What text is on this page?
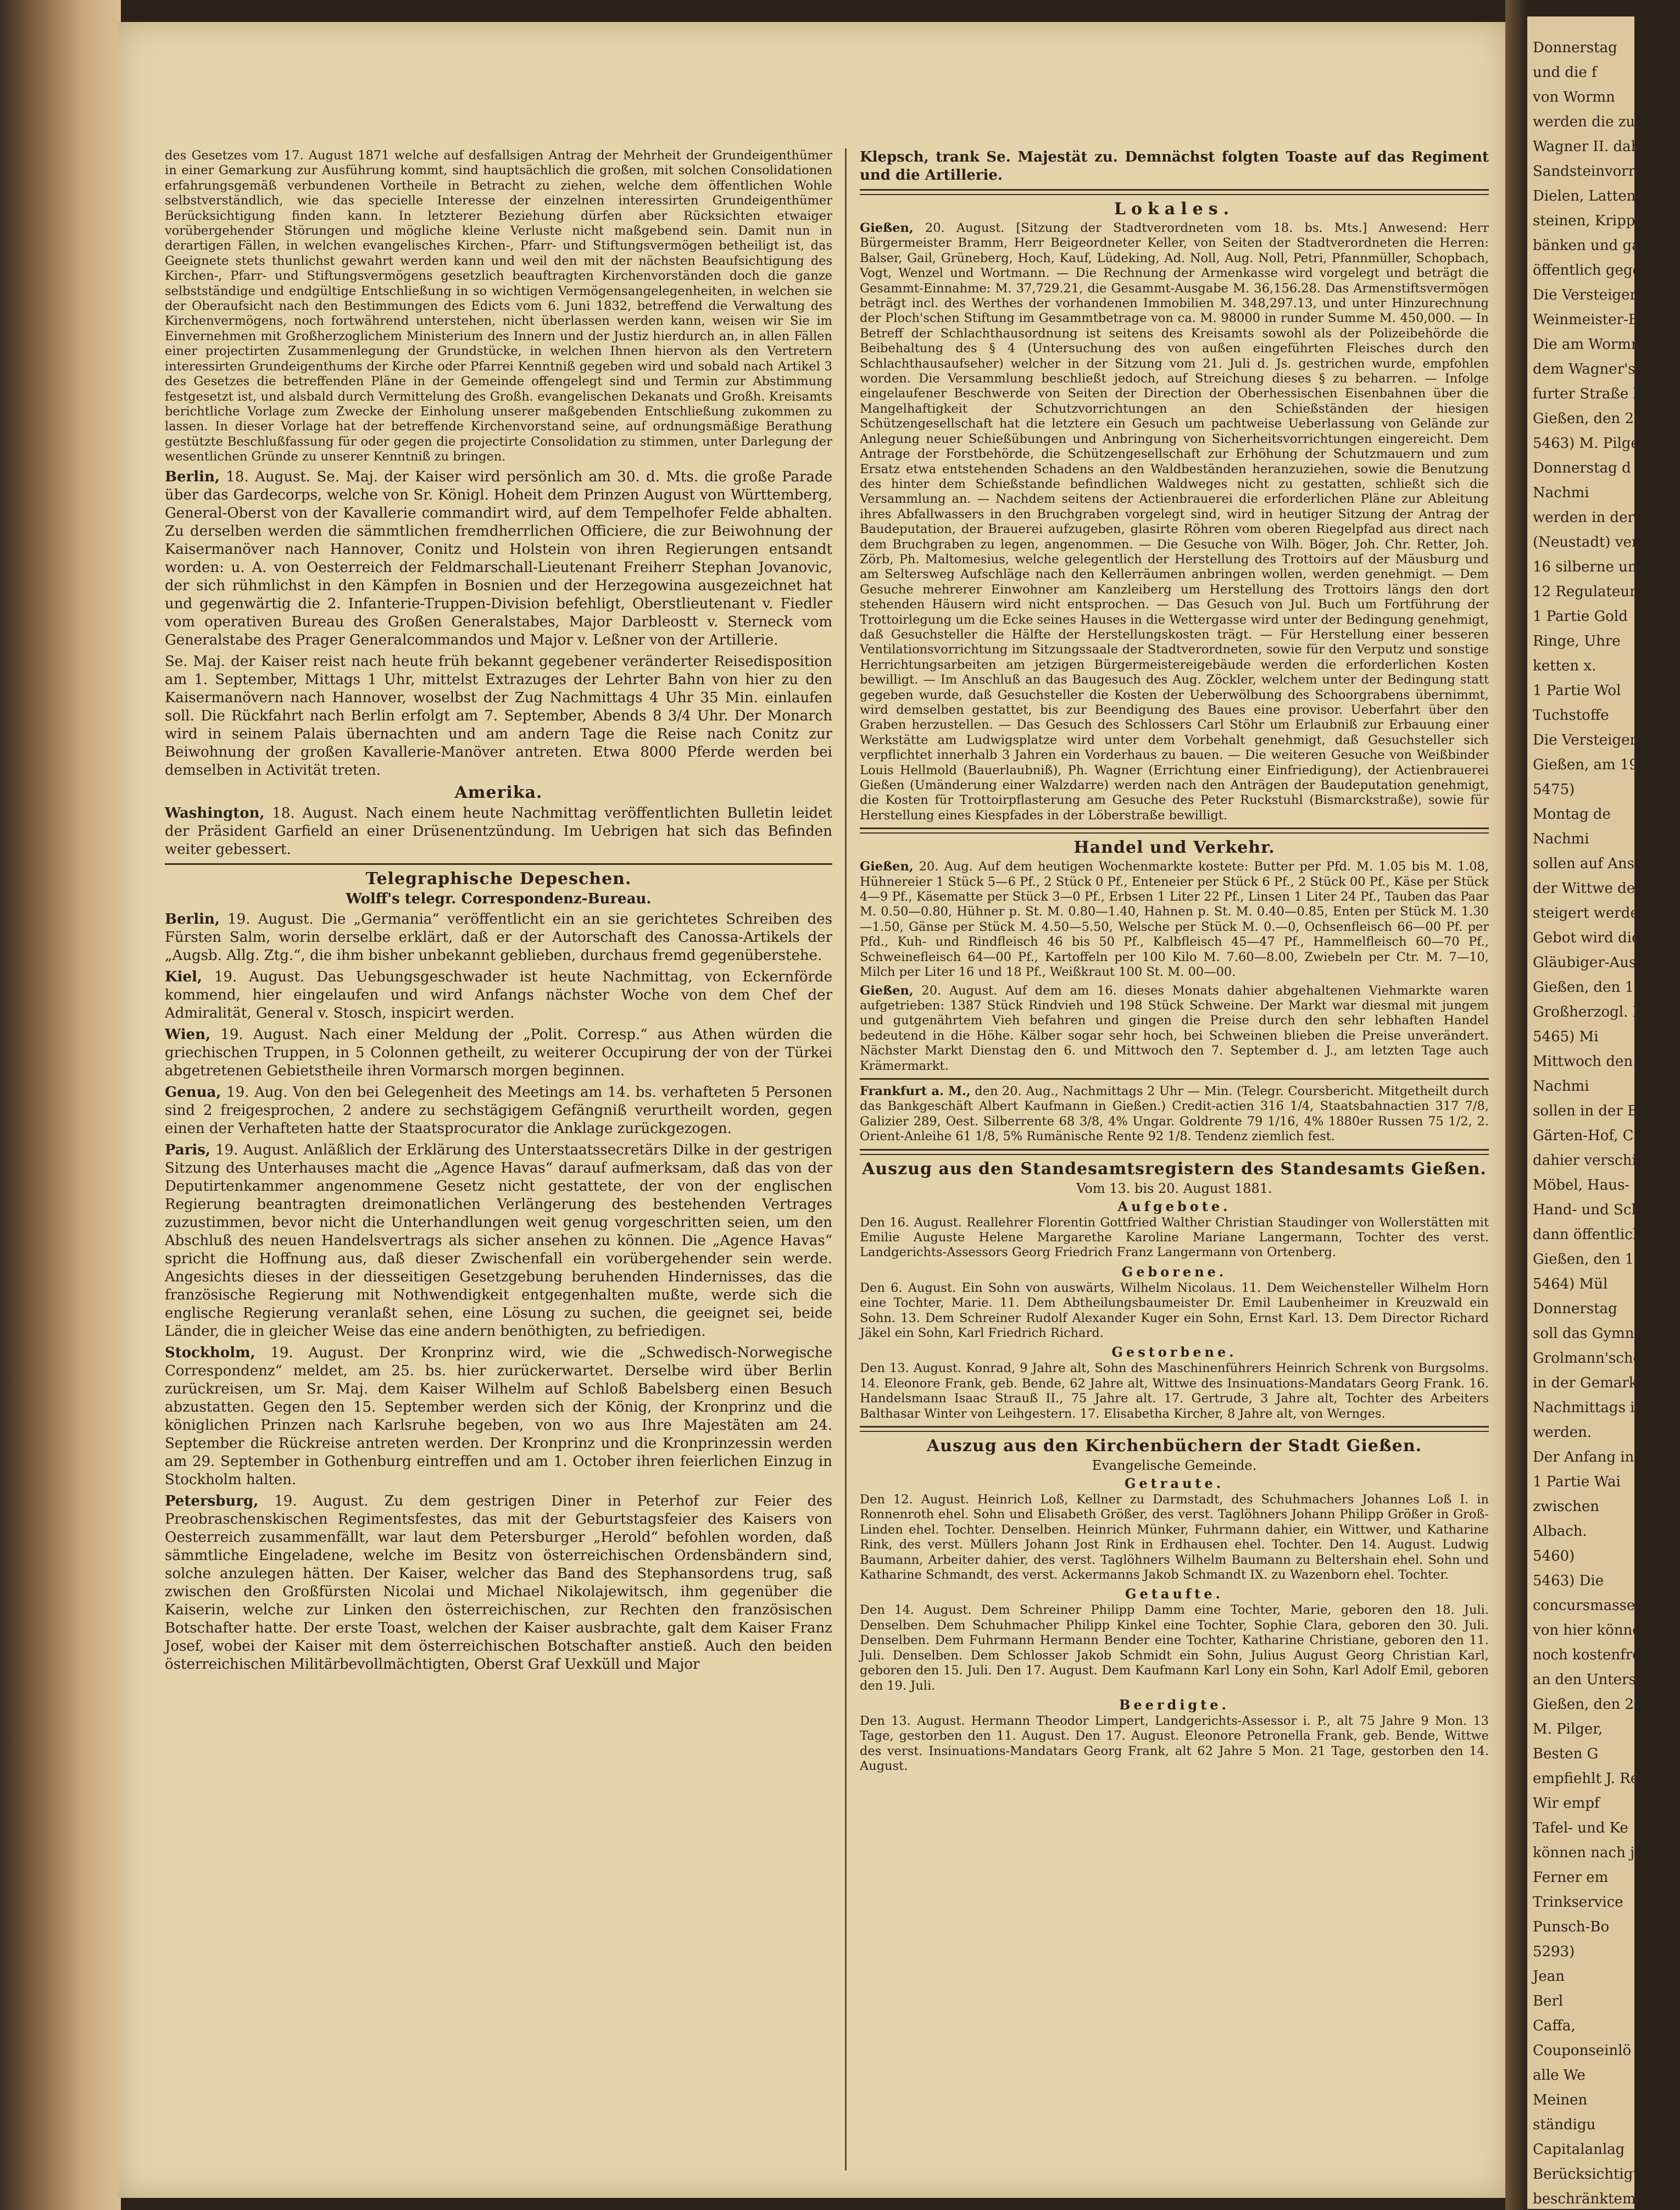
des Gesetzes vom 17. August 1871 welche auf desfallsigen Antrag der Mehrheit der Grundeigenthümer in einer Gemarkung zur Ausführung kommt, sind hauptsächlich die großen, mit solchen Consolidationen erfahrungsgemäß verbundenen Vortheile in Betracht zu ziehen, welche dem öffentlichen Wohle selbstverständlich, wie das specielle Interesse der einzelnen interessirten Grundeigenthümer Berücksichtigung finden kann. In letzterer Beziehung dürfen aber Rücksichten etwaiger vorübergehender Störungen und mögliche kleine Verluste nicht maßgebend sein. Damit nun in derartigen Fällen, in welchen evangelisches Kirchen-, Pfarr- und Stiftungsvermögen betheiligt ist, das Geeignete stets thunlichst gewahrt werden kann und weil den mit der nächsten Beaufsichtigung des Kirchen-, Pfarr- und Stiftungsvermögens gesetzlich beauftragten Kirchenvorständen doch die ganze selbstständige und endgültige Entschließung in so wichtigen Vermögensangelegenheiten, in welchen sie der Oberaufsicht nach den Bestimmungen des Edicts vom 6. Juni 1832, betreffend die Verwaltung des Kirchenvermögens, noch fortwährend unterstehen, nicht überlassen werden kann, weisen wir Sie im Einvernehmen mit Großherzoglichem Ministerium des Innern und der Justiz hierdurch an, in allen Fällen einer projectirten Zusammenlegung der Grundstücke, in welchen Ihnen hiervon als den Vertretern interessirten Grundeigenthums der Kirche oder Pfarrei Kenntniß gegeben wird und sobald nach Artikel 3 des Gesetzes die betreffenden Pläne in der Gemeinde offengelegt sind und Termin zur Abstimmung festgesetzt ist, und alsbald durch Vermittelung des Großh. evangelischen Dekanats und Großh. Kreisamts berichtliche Vorlage zum Zwecke der Einholung unserer maßgebenden Entschließung zukommen zu lassen. In dieser Vorlage hat der betreffende Kirchenvorstand seine, auf ordnungsmäßige Berathung gestützte Beschlußfassung für oder gegen die projectirte Consolidation zu stimmen, unter Darlegung der wesentlichen Gründe zu unserer Kenntniß zu bringen.

Berlin, 18. August. Se. Maj. der Kaiser wird persönlich am 30. d. Mts. die große Parade über das Gardecorps, welche von Sr. Königl. Hoheit dem Prinzen August von Württemberg, General-Oberst von der Kavallerie commandirt wird, auf dem Tempelhofer Felde abhalten. Zu derselben werden die sämmtlichen fremdherrlichen Officiere, die zur Beiwohnung der Kaisermanöver nach Hannover, Conitz und Holstein von ihren Regierungen entsandt worden: u. A. von Oesterreich der Feldmarschall-Lieutenant Freiherr Stephan Jovanovic, der sich rühmlichst in den Kämpfen in Bosnien und der Herzegowina ausgezeichnet hat und gegenwärtig die 2. Infanterie-Truppen-Division befehligt, Oberstlieutenant v. Fiedler vom operativen Bureau des Großen Generalstabes, Major Darbleostt v. Sterneck vom Generalstabe des Prager Generalcommandos und Major v. Leßner von der Artillerie.

Se. Maj. der Kaiser reist nach heute früh bekannt gegebener veränderter Reisedisposition am 1. September, Mittags 1 Uhr, mittelst Extrazuges der Lehrter Bahn von hier zu den Kaisermanövern nach Hannover, woselbst der Zug Nachmittags 4 Uhr 35 Min. einlaufen soll. Die Rückfahrt nach Berlin erfolgt am 7. September, Abends 8 3/4 Uhr. Der Monarch wird in seinem Palais übernachten und am andern Tage die Reise nach Conitz zur Beiwohnung der großen Kavallerie-Manöver antreten. Etwa 8000 Pferde werden bei demselben in Activität treten.

Amerika.

Washington, 18. August. Nach einem heute Nachmittag veröffentlichten Bulletin leidet der Präsident Garfield an einer Drüsenentzündung. Im Uebrigen hat sich das Befinden weiter gebessert.

Telegraphische Depeschen.
Wolff's telegr. Correspondenz-Bureau.

Berlin, 19. August. Die „Germania“ veröffentlicht ein an sie gerichtetes Schreiben des Fürsten Salm, worin derselbe erklärt, daß er der Autorschaft des Canossa-Artikels der „Augsb. Allg. Ztg.“, die ihm bisher unbekannt geblieben, durchaus fremd gegenüberstehe.

Kiel, 19. August. Das Uebungsgeschwader ist heute Nachmittag, von Eckernförde kommend, hier eingelaufen und wird Anfangs nächster Woche von dem Chef der Admiralität, General v. Stosch, inspicirt werden.

Wien, 19. August. Nach einer Meldung der „Polit. Corresp.“ aus Athen würden die griechischen Truppen, in 5 Colonnen getheilt, zu weiterer Occupirung der von der Türkei abgetretenen Gebietstheile ihren Vormarsch morgen beginnen.

Genua, 19. Aug. Von den bei Gelegenheit des Meetings am 14. bs. verhafteten 5 Personen sind 2 freigesprochen, 2 andere zu sechstägigem Gefängniß verurtheilt worden, gegen einen der Verhafteten hatte der Staatsprocurator die Anklage zurückgezogen.

Paris, 19. August. Anläßlich der Erklärung des Unterstaatssecretärs Dilke in der gestrigen Sitzung des Unterhauses macht die „Agence Havas“ darauf aufmerksam, daß das von der Deputirtenkammer angenommene Gesetz nicht gestattete, der von der englischen Regierung beantragten dreimonatlichen Verlängerung des bestehenden Vertrages zuzustimmen, bevor nicht die Unterhandlungen weit genug vorgeschritten seien, um den Abschluß des neuen Handelsvertrags als sicher ansehen zu können. Die „Agence Havas“ spricht die Hoffnung aus, daß dieser Zwischenfall ein vorübergehender sein werde. Angesichts dieses in der diesseitigen Gesetzgebung beruhenden Hindernisses, das die französische Regierung mit Nothwendigkeit entgegenhalten mußte, werde sich die englische Regierung veranlaßt sehen, eine Lösung zu suchen, die geeignet sei, beide Länder, die in gleicher Weise das eine andern benöthigten, zu befriedigen.

Stockholm, 19. August. Der Kronprinz wird, wie die „Schwedisch-Norwegische Correspondenz“ meldet, am 25. bs. hier zurückerwartet. Derselbe wird über Berlin zurückreisen, um Sr. Maj. dem Kaiser Wilhelm auf Schloß Babelsberg einen Besuch abzustatten. Gegen den 15. September werden sich der König, der Kronprinz und die königlichen Prinzen nach Karlsruhe begeben, von wo aus Ihre Majestäten am 24. September die Rückreise antreten werden. Der Kronprinz und die Kronprinzessin werden am 29. September in Gothenburg eintreffen und am 1. October ihren feierlichen Einzug in Stockholm halten.

Petersburg, 19. August. Zu dem gestrigen Diner in Peterhof zur Feier des Preobraschenskischen Regimentsfestes, das mit der Geburtstagsfeier des Kaisers von Oesterreich zusammenfällt, war laut dem Petersburger „Herold“ befohlen worden, daß sämmtliche Eingeladene, welche im Besitz von österreichischen Ordensbändern sind, solche anzulegen hätten. Der Kaiser, welcher das Band des Stephansordens trug, saß zwischen den Großfürsten Nicolai und Michael Nikolajewitsch, ihm gegenüber die Kaiserin, welche zur Linken den österreichischen, zur Rechten den französischen Botschafter hatte. Der erste Toast, welchen der Kaiser ausbrachte, galt dem Kaiser Franz Josef, wobei der Kaiser mit dem österreichischen Botschafter anstieß. Auch den beiden österreichischen Militärbevollmächtigten, Oberst Graf Uexküll und Major

Klepsch, trank Se. Majestät zu. Demnächst folgten Toaste auf das Regiment und die Artillerie.

Lokales.

Gießen, 20. August. [Sitzung der Stadtverordneten vom 18. bs. Mts.] Anwesend: Herr Bürgermeister Bramm, Herr Beigeordneter Keller, von Seiten der Stadtverordneten die Herren: Balser, Gail, Grüneberg, Hoch, Kauf, Lüdeking, Ad. Noll, Aug. Noll, Petri, Pfannmüller, Schopbach, Vogt, Wenzel und Wortmann. — Die Rechnung der Armenkasse wird vorgelegt und beträgt die Gesammt-Einnahme: M. 37,729.21, die Gesammt-Ausgabe M. 36,156.28. Das Armenstiftsvermögen beträgt incl. des Werthes der vorhandenen Immobilien M. 348,297.13, und unter Hinzurechnung der Ploch'schen Stiftung im Gesammtbetrage von ca. M. 98000 in runder Summe M. 450,000. — In Betreff der Schlachthausordnung ist seitens des Kreisamts sowohl als der Polizeibehörde die Beibehaltung des § 4 (Untersuchung des von außen eingeführten Fleisches durch den Schlachthausaufseher) welcher in der Sitzung vom 21. Juli d. Js. gestrichen wurde, empfohlen worden. Die Versammlung beschließt jedoch, auf Streichung dieses § zu beharren. — Infolge eingelaufener Beschwerde von Seiten der Direction der Oberhessischen Eisenbahnen über die Mangelhaftigkeit der Schutzvorrichtungen an den Schießständen der hiesigen Schützengesellschaft hat die letztere ein Gesuch um pachtweise Ueberlassung von Gelände zur Anlegung neuer Schießübungen und Anbringung von Sicherheitsvorrichtungen eingereicht. Dem Antrage der Forstbehörde, die Schützengesellschaft zur Erhöhung der Schutzmauern und zum Ersatz etwa entstehenden Schadens an den Waldbeständen heranzuziehen, sowie die Benutzung des hinter dem Schießstande befindlichen Waldweges nicht zu gestatten, schließt sich die Versammlung an. — Nachdem seitens der Actienbrauerei die erforderlichen Pläne zur Ableitung ihres Abfallwassers in den Bruchgraben vorgelegt sind, wird in heutiger Sitzung der Antrag der Baudeputation, der Brauerei aufzugeben, glasirte Röhren vom oberen Riegelpfad aus direct nach dem Bruchgraben zu legen, angenommen. — Die Gesuche von Wilh. Böger, Joh. Chr. Retter, Joh. Zörb, Ph. Maltomesius, welche gelegentlich der Herstellung des Trottoirs auf der Mäusburg und am Seltersweg Aufschläge nach den Kellerräumen anbringen wollen, werden genehmigt. — Dem Gesuche mehrerer Einwohner am Kanzleiberg um Herstellung des Trottoirs längs den dort stehenden Häusern wird nicht entsprochen. — Das Gesuch von Jul. Buch um Fortführung der Trottoirlegung um die Ecke seines Hauses in die Wettergasse wird unter der Bedingung genehmigt, daß Gesuchsteller die Hälfte der Herstellungskosten trägt. — Für Herstellung einer besseren Ventilationsvorrichtung im Sitzungssaale der Stadtverordneten, sowie für den Verputz und sonstige Herrichtungsarbeiten am jetzigen Bürgermeistereigebäude werden die erforderlichen Kosten bewilligt. — Im Anschluß an das Baugesuch des Aug. Zöckler, welchem unter der Bedingung statt gegeben wurde, daß Gesuchsteller die Kosten der Ueberwölbung des Schoorgrabens übernimmt, wird demselben gestattet, bis zur Beendigung des Baues eine provisor. Ueberfahrt über den Graben herzustellen. — Das Gesuch des Schlossers Carl Stöhr um Erlaubniß zur Erbauung einer Werkstätte am Ludwigsplatze wird unter dem Vorbehalt genehmigt, daß Gesuchsteller sich verpflichtet innerhalb 3 Jahren ein Vorderhaus zu bauen. — Die weiteren Gesuche von Weißbinder Louis Hellmold (Bauerlaubniß), Ph. Wagner (Errichtung einer Einfriedigung), der Actienbrauerei Gießen (Umänderung einer Walzdarre) werden nach den Anträgen der Baudeputation genehmigt, die Kosten für Trottoirpflasterung am Gesuche des Peter Ruckstuhl (Bismarckstraße), sowie für Herstellung eines Kiespfades in der Löberstraße bewilligt.

Handel und Verkehr.

Gießen, 20. Aug. Auf dem heutigen Wochenmarkte kostete: Butter per Pfd. M. 1.05 bis M. 1.08, Hühnereier 1 Stück 5—6 Pf., 2 Stück 0 Pf., Enteneier per Stück 6 Pf., 2 Stück 00 Pf., Käse per Stück 4—9 Pf., Käsematte per Stück 3—0 Pf., Erbsen 1 Liter 22 Pf., Linsen 1 Liter 24 Pf., Tauben das Paar M. 0.50—0.80, Hühner p. St. M. 0.80—1.40, Hahnen p. St. M. 0.40—0.85, Enten per Stück M. 1.30—1.50, Gänse per Stück M. 4.50—5.50, Welsche per Stück M. 0.—0, Ochsenfleisch 66—00 Pf. per Pfd., Kuh- und Rindfleisch 46 bis 50 Pf., Kalbfleisch 45—47 Pf., Hammelfleisch 60—70 Pf., Schweinefleisch 64—00 Pf., Kartoffeln per 100 Kilo M. 7.60—8.00, Zwiebeln per Ctr. M. 7—10, Milch per Liter 16 und 18 Pf., Weißkraut 100 St. M. 00—00.

Gießen, 20. August. Auf dem am 16. dieses Monats dahier abgehaltenen Viehmarkte waren aufgetrieben: 1387 Stück Rindvieh und 198 Stück Schweine. Der Markt war diesmal mit jungem und gutgenährtem Vieh befahren und gingen die Preise durch den sehr lebhaften Handel bedeutend in die Höhe. Kälber sogar sehr hoch, bei Schweinen blieben die Preise unverändert. Nächster Markt Dienstag den 6. und Mittwoch den 7. September d. J., am letzten Tage auch Krämermarkt.

Frankfurt a. M., den 20. Aug., Nachmittags 2 Uhr — Min. (Telegr. Coursbericht. Mitgetheilt durch das Bankgeschäft Albert Kaufmann in Gießen.) Credit-actien 316 1/4, Staatsbahnactien 317 7/8, Galizier 289, Oest. Silberrente 68 3/8, 4% Ungar. Goldrente 79 1/16, 4% 1880er Russen 75 1/2, 2. Orient-Anleihe 61 1/8, 5% Rumänische Rente 92 1/8. Tendenz ziemlich fest.

Auszug aus den Standesamtsregistern des Standesamts Gießen.
Vom 13. bis 20. August 1881.
Aufgebote.

Den 16. August. Reallehrer Florentin Gottfried Walther Christian Staudinger von Wollerstätten mit Emilie Auguste Helene Margarethe Karoline Mariane Langermann, Tochter des verst. Landgerichts-Assessors Georg Friedrich Franz Langermann von Ortenberg.

Geborene.

Den 6. August. Ein Sohn von auswärts, Wilhelm Nicolaus. 11. Dem Weichensteller Wilhelm Horn eine Tochter, Marie. 11. Dem Abtheilungsbaumeister Dr. Emil Laubenheimer in Kreuzwald ein Sohn. 13. Dem Schreiner Rudolf Alexander Kuger ein Sohn, Ernst Karl. 13. Dem Director Richard Jäkel ein Sohn, Karl Friedrich Richard.

Gestorbene.

Den 13. August. Konrad, 9 Jahre alt, Sohn des Maschinenführers Heinrich Schrenk von Burgsolms. 14. Eleonore Frank, geb. Bende, 62 Jahre alt, Wittwe des Insinuations-Mandatars Georg Frank. 16. Handelsmann Isaac Strauß II., 75 Jahre alt. 17. Gertrude, 3 Jahre alt, Tochter des Arbeiters Balthasar Winter von Leihgestern. 17. Elisabetha Kircher, 8 Jahre alt, von Wernges.

Auszug aus den Kirchenbüchern der Stadt Gießen.
Evangelische Gemeinde.
Getraute.

Den 12. August. Heinrich Loß, Kellner zu Darmstadt, des Schuhmachers Johannes Loß I. in Ronnenroth ehel. Sohn und Elisabeth Größer, des verst. Taglöhners Johann Philipp Größer in Groß-Linden ehel. Tochter. Denselben. Heinrich Münker, Fuhrmann dahier, ein Wittwer, und Katharine Rink, des verst. Müllers Johann Jost Rink in Erdhausen ehel. Tochter. Den 14. August. Ludwig Baumann, Arbeiter dahier, des verst. Taglöhners Wilhelm Baumann zu Beltershain ehel. Sohn und Katharine Schmandt, des verst. Ackermanns Jakob Schmandt IX. zu Wazenborn ehel. Tochter.

Getaufte.

Den 14. August. Dem Schreiner Philipp Damm eine Tochter, Marie, geboren den 18. Juli. Denselben. Dem Schuhmacher Philipp Kinkel eine Tochter, Sophie Clara, geboren den 30. Juli. Denselben. Dem Fuhrmann Hermann Bender eine Tochter, Katharine Christiane, geboren den 11. Juli. Denselben. Dem Schlosser Jakob Schmidt ein Sohn, Julius August Georg Christian Karl, geboren den 15. Juli. Den 17. August. Dem Kaufmann Karl Lony ein Sohn, Karl Adolf Emil, geboren den 19. Juli.

Beerdigte.

Den 13. August. Hermann Theodor Limpert, Landgerichts-Assessor i. P., alt 75 Jahre 9 Mon. 13 Tage, gestorben den 11. August. Den 17. August. Eleonore Petronella Frank, geb. Bende, Wittwe des verst. Insinuations-Mandatars Georg Frank, alt 62 Jahre 5 Mon. 21 Tage, gestorben den 14. August.

Donnerstag
und die f
von Wormn
werden die zur G
Wagner II. dah
Sandsteinvorrath
Dielen, Latten,
steinen, Krippen
bänken und gar
öffentlich gegen
Die Versteiger
Weinmeister-Bahnh
Die am Wormn
dem Wagner'schen
furter Straße lag
Gießen, den 20.
5463) M. Pilger
Donnerstag d
Nachmi
werden in der Br
(Neustadt) verstei
16 silberne un
12 Regulateur
1 Partie Gold
Ringe, Uhre
ketten x.
1 Partie Wol
Tuchstoffe
Die Versteigerung
Gießen, am 19.
5475)
Montag de
Nachmi
sollen auf Ansteige
der Wittwe des Karl
steigert werden, t
Gebot wird die G
Gläubiger-Ausschu
Gießen, den 19.
Großherzogl. K
5465) Mi
Mittwoch den
Nachmi
sollen in der Er
Gärten-Hof, Ca
dahier verschiedene
Möbel, Haus- un
Hand- und Schlep
dann öffentlich mei
Gießen, den 19
5464) Mül
Donnerstag
soll das Gymn
Grolmann'sche
in der Gemarku
Nachmittags in
werden.
Der Anfang in
1 Partie Wai
zwischen
Albach.
5460)
5463) Die
concursmasse des J
von hier können
noch kostenfrei bis
an den Untersuch
Gießen, den 20
M. Pilger,
Besten G
empfiehlt J. Rette
Wir empf
Tafel- und Ke
können nach jede
Ferner em
Trinkservice
Punsch-Bo
5293)
Jean
Berl
Caffa,
Couponseinlö
alle We
Meinen
ständigu
Capitalanlag
Berücksichtigung
beschränktem Mä
